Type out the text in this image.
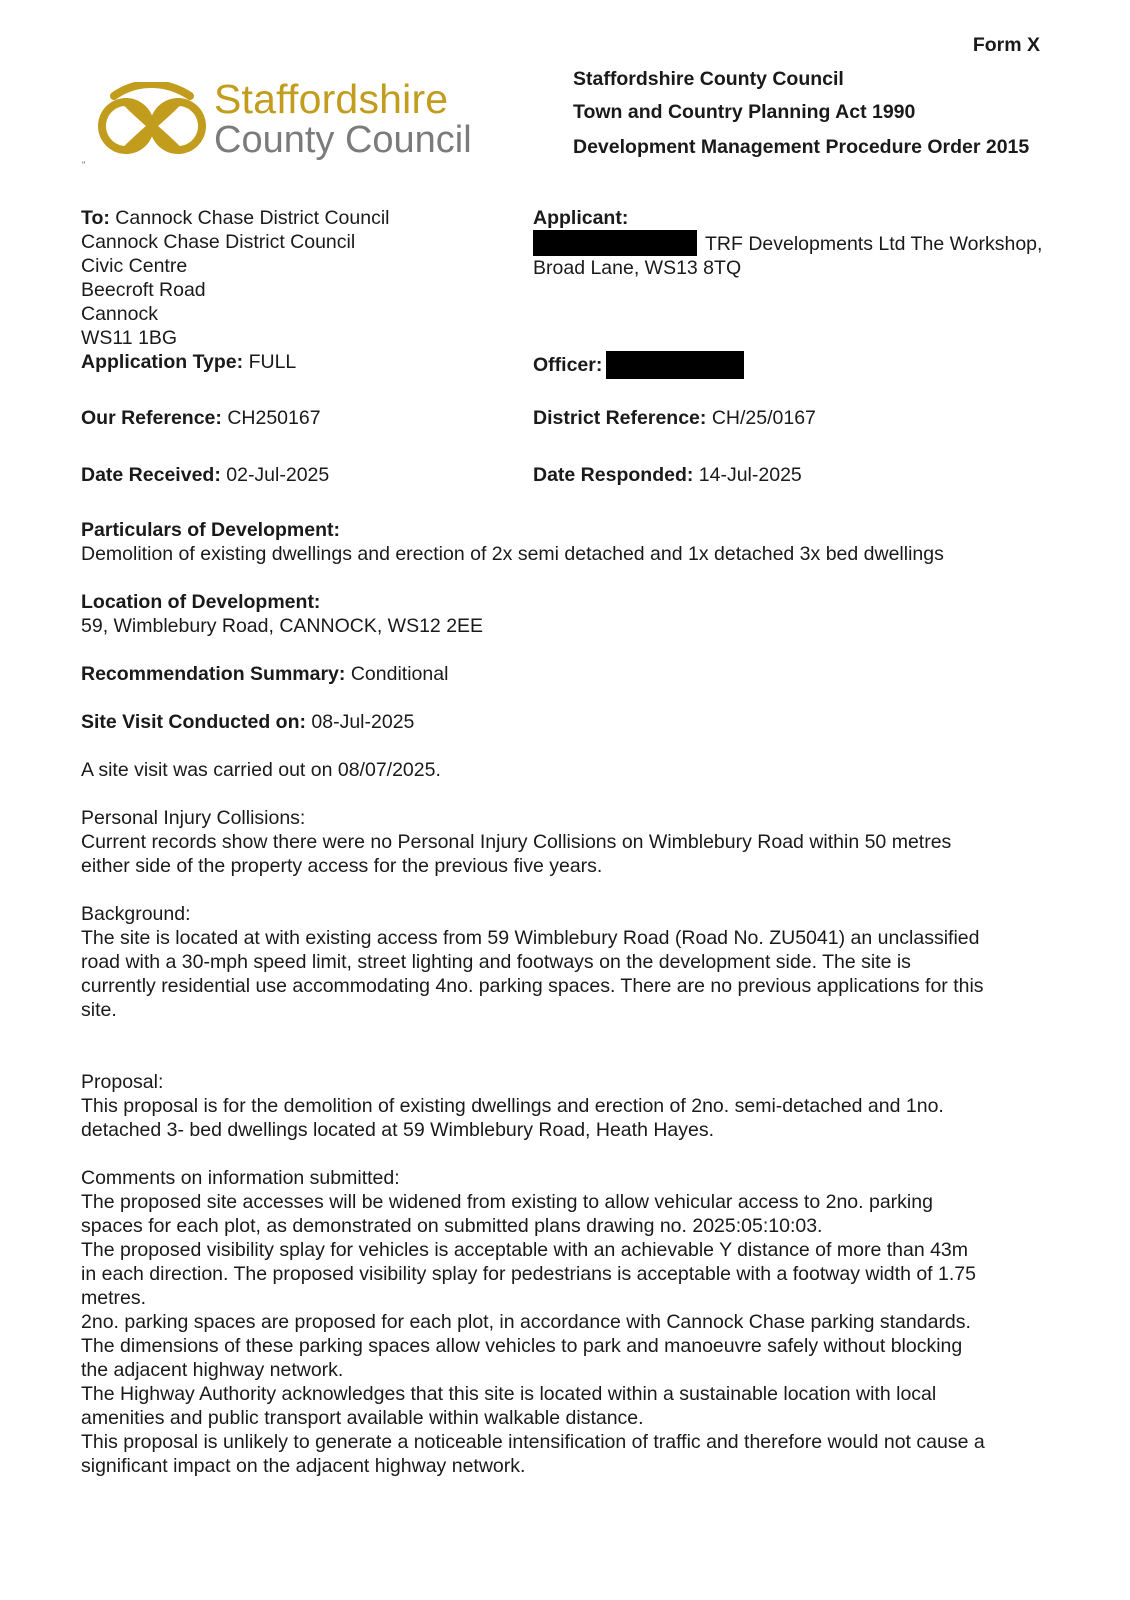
Form X
Staffordshire County Council
Town and Country Planning Act 1990
Development Management Procedure Order 2015
Staffordshire
County Council
"
To: Cannock Chase District Council
Cannock Chase District Council
Civic Centre
Beecroft Road
Cannock
WS11 1BG
Application Type: FULL
Applicant:
TRF Developments Ltd The Workshop,
Broad Lane, WS13 8TQ
Officer:
Our Reference: CH250167	District Reference: CH/25/0167
Date Received: 02-Jul-2025	Date Responded: 14-Jul-2025

Particulars of Development:

Demolition of existing dwellings and erection of 2x semi detached and 1x detached 3x bed dwellings

Location of Development:

59, Wimblebury Road, CANNOCK, WS12 2EE

Recommendation Summary: Conditional

Site Visit Conducted on: 08-Jul-2025

A site visit was carried out on 08/07/2025.

Personal Injury Collisions:

Current records show there were no Personal Injury Collisions on Wimblebury Road within 50 metres

either side of the property access for the previous five years.

Background:

The site is located at with existing access from 59 Wimblebury Road (Road No. ZU5041) an unclassified

road with a 30-mph speed limit, street lighting and footways on the development side. The site is

currently residential use accommodating 4no. parking spaces. There are no previous applications for this

site.

Proposal:

This proposal is for the demolition of existing dwellings and erection of 2no. semi-detached and 1no.

detached 3- bed dwellings located at 59 Wimblebury Road, Heath Hayes.

Comments on information submitted:

The proposed site accesses will be widened from existing to allow vehicular access to 2no. parking

spaces for each plot, as demonstrated on submitted plans drawing no. 2025:05:10:03.

The proposed visibility splay for vehicles is acceptable with an achievable Y distance of more than 43m

in each direction. The proposed visibility splay for pedestrians is acceptable with a footway width of 1.75

metres.

2no. parking spaces are proposed for each plot, in accordance with Cannock Chase parking standards.

The dimensions of these parking spaces allow vehicles to park and manoeuvre safely without blocking

the adjacent highway network.

The Highway Authority acknowledges that this site is located within a sustainable location with local

amenities and public transport available within walkable distance.

This proposal is unlikely to generate a noticeable intensification of traffic and therefore would not cause a

significant impact on the adjacent highway network.
